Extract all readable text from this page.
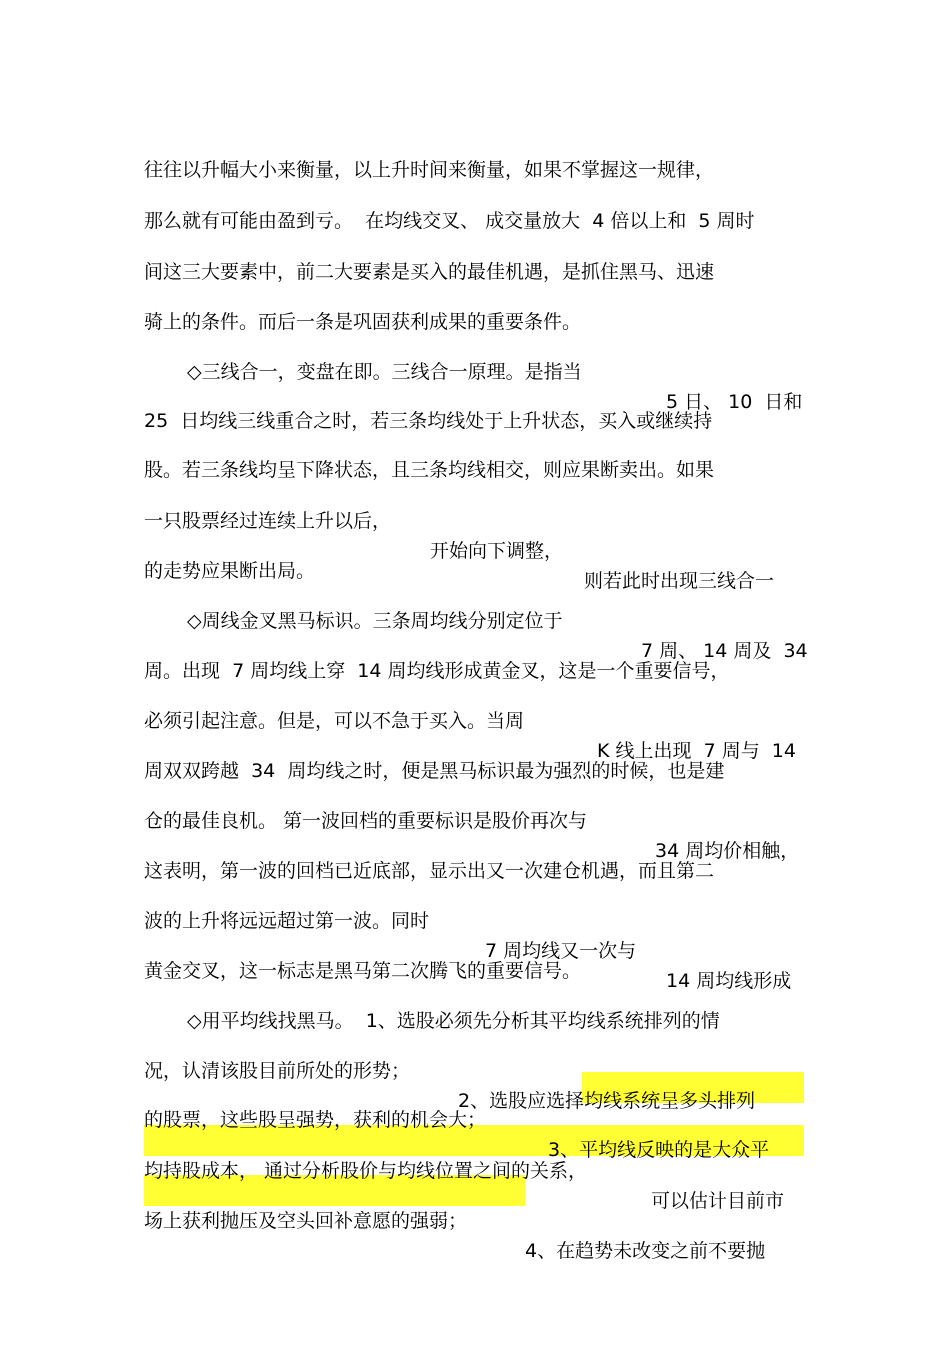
往往以升幅大小来衡量，以上升时间来衡量，如果不掌握这一规律，

那么就有可能由盈到亏。  在均线交叉、 成交量放大  4 倍以上和  5 周时

间这三大要素中，前二大要素是买入的最佳机遇，是抓住黑马、迅速

骑上的条件。而后一条是巩固获利成果的重要条件。

◇三线合一，变盘在即。三线合一原理。是指当

5 日、 10  日和

25  日均线三线重合之时，若三条均线处于上升状态，买入或继续持

股。若三条线均呈下降状态，且三条均线相交，则应果断卖出。如果

一只股票经过连续上升以后，

开始向下调整，

则若此时出现三线合一

的走势应果断出局。

◇周线金叉黑马标识。三条周均线分别定位于

7 周、 14 周及  34

周。出现  7 周均线上穿  14 周均线形成黄金叉，这是一个重要信号，

必须引起注意。但是，可以不急于买入。当周

K 线上出现  7 周与  14

周双双跨越  34  周均线之时，便是黑马标识最为强烈的时候，也是建

仓的最佳良机。 第一波回档的重要标识是股价再次与

34 周均价相触，

这表明，第一波的回档已近底部，显示出又一次建仓机遇，而且第二

波的上升将远远超过第一波。同时

7 周均线又一次与

14 周均线形成

黄金交叉，这一标志是黑马第二次腾飞的重要信号。

◇用平均线找黑马。  1、选股必须先分析其平均线系统排列的情

况，认清该股目前所处的形势；

2、选股应选择均线系统呈多头排列

的股票，这些股呈强势，获利的机会大；

3、平均线反映的是大众平

均持股成本， 通过分析股价与均线位置之间的关系，

可以估计目前市

场上获利抛压及空头回补意愿的强弱；

4、在趋势未改变之前不要抛
